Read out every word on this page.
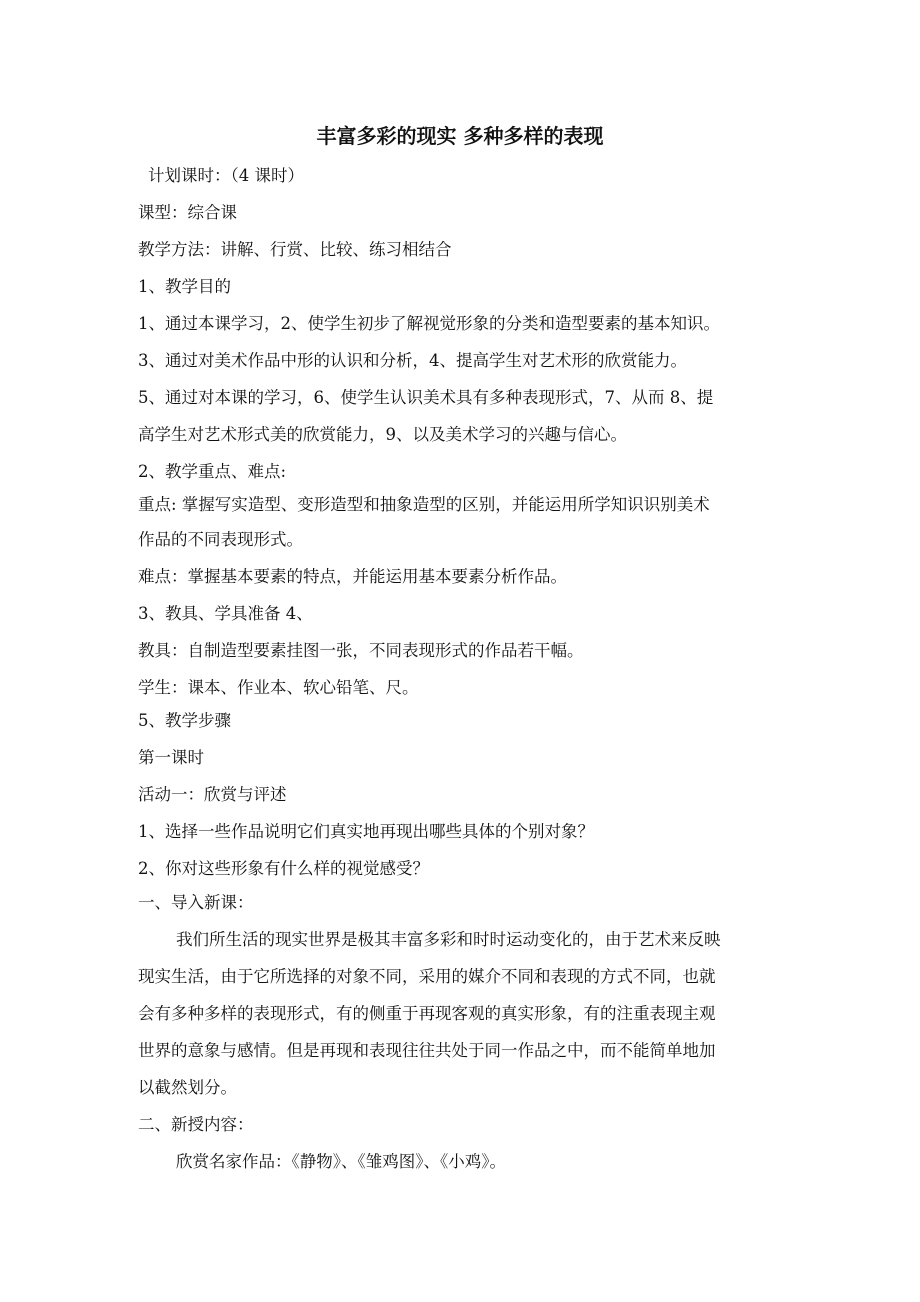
丰富多彩的现实 多种多样的表现
计划课时：（4 课时）
课型：综合课
教学方法：讲解、行赏、比较、练习相结合
1、教学目的
1、通过本课学习，2、使学生初步了解视觉形象的分类和造型要素的基本知识。
3、通过对美术作品中形的认识和分析，4、提高学生对艺术形的欣赏能力。
5、通过对本课的学习，6、使学生认识美术具有多种表现形式，7、从而 8、提
高学生对艺术形式美的欣赏能力，9、以及美术学习的兴趣与信心。
2、教学重点、难点:
重点: 掌握写实造型、变形造型和抽象造型的区别，并能运用所学知识识别美术
作品的不同表现形式。
难点：掌握基本要素的特点，并能运用基本要素分析作品。
3、教具、学具准备 4、
教具：自制造型要素挂图一张，不同表现形式的作品若干幅。
学生：课本、作业本、软心铅笔、尺。
5、教学步骤
第一课时
活动一：欣赏与评述
1、选择一些作品说明它们真实地再现出哪些具体的个别对象？
2、你对这些形象有什么样的视觉感受？
一、导入新课：
我们所生活的现实世界是极其丰富多彩和时时运动变化的，由于艺术来反映
现实生活，由于它所选择的对象不同，采用的媒介不同和表现的方式不同，也就
会有多种多样的表现形式，有的侧重于再现客观的真实形象，有的注重表现主观
世界的意象与感情。但是再现和表现往往共处于同一作品之中，而不能简单地加
以截然划分。
二、新授内容：
欣赏名家作品：《静物》、《雏鸡图》、《小鸡》。
